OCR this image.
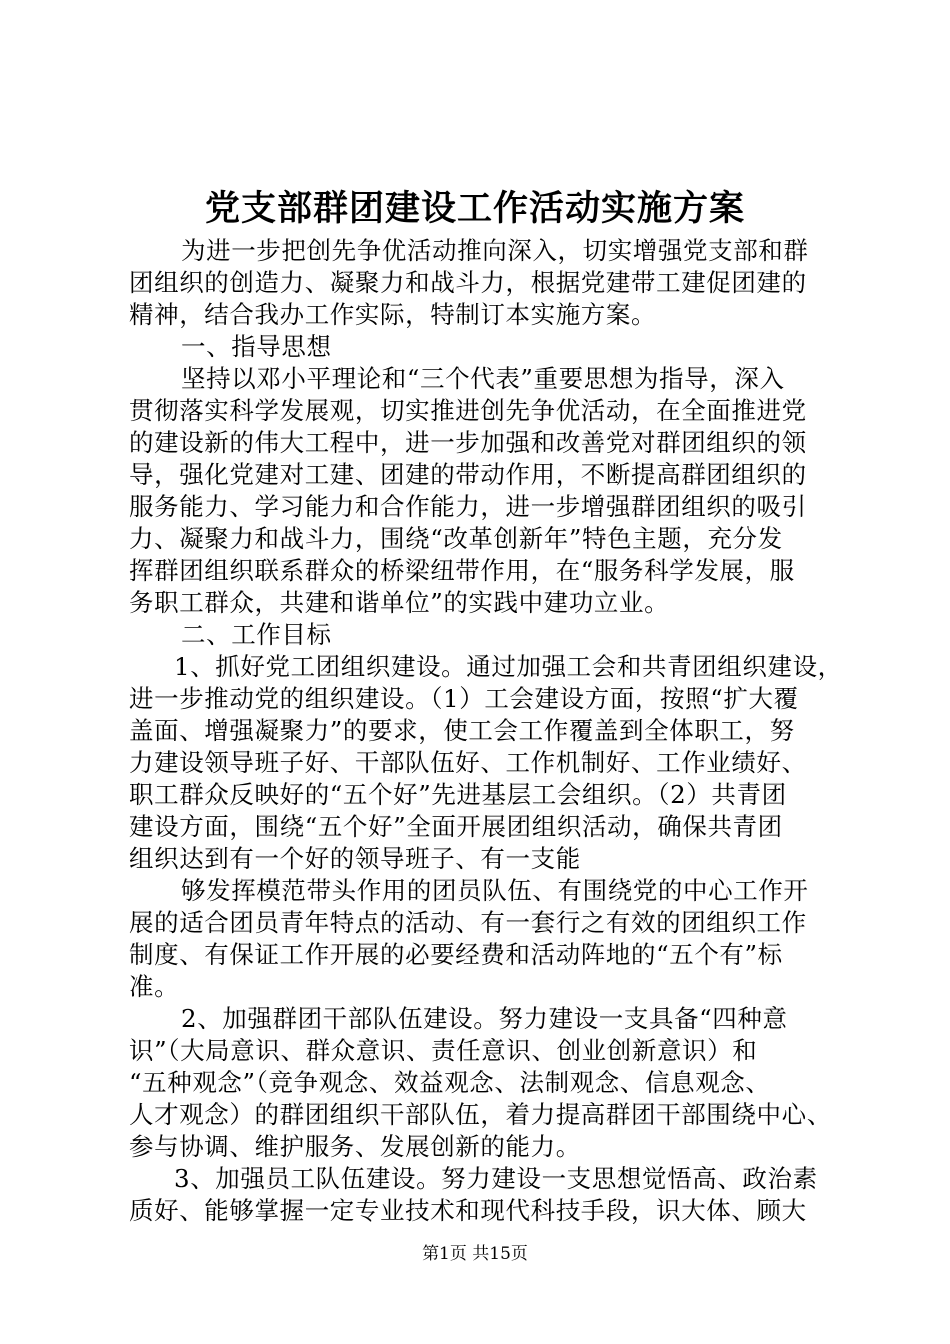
党支部群团建设工作活动实施方案
为进一步把创先争优活动推向深入，切实增强党支部和群
团组织的创造力、凝聚力和战斗力，根据党建带工建促团建的
精神，结合我办工作实际，特制订本实施方案。
一、指导思想
坚持以邓小平理论和“三个代表”重要思想为指导，深入
贯彻落实科学发展观，切实推进创先争优活动，在全面推进党
的建设新的伟大工程中，进一步加强和改善党对群团组织的领
导，强化党建对工建、团建的带动作用，不断提高群团组织的
服务能力、学习能力和合作能力，进一步增强群团组织的吸引
力、凝聚力和战斗力，围绕“改革创新年”特色主题，充分发
挥群团组织联系群众的桥梁纽带作用，在“服务科学发展，服
务职工群众，共建和谐单位”的实践中建功立业。
二、工作目标
1、抓好党工团组织建设。通过加强工会和共青团组织建设，
进一步推动党的组织建设。（1）工会建设方面，按照“扩大覆
盖面、增强凝聚力”的要求，使工会工作覆盖到全体职工，努
力建设领导班子好、干部队伍好、工作机制好、工作业绩好、
职工群众反映好的“五个好”先进基层工会组织。（2）共青团
建设方面，围绕“五个好”全面开展团组织活动，确保共青团
组织达到有一个好的领导班子、有一支能
够发挥模范带头作用的团员队伍、有围绕党的中心工作开
展的适合团员青年特点的活动、有一套行之有效的团组织工作
制度、有保证工作开展的必要经费和活动阵地的“五个有”标
准。
2、加强群团干部队伍建设。努力建设一支具备“四种意
识”（大局意识、群众意识、责任意识、创业创新意识）和
“五种观念”（竞争观念、效益观念、法制观念、信息观念、
人才观念）的群团组织干部队伍，着力提高群团干部围绕中心、
参与协调、维护服务、发展创新的能力。
3、加强员工队伍建设。努力建设一支思想觉悟高、政治素
质好、能够掌握一定专业技术和现代科技手段，识大体、顾大
第1页 共15页
